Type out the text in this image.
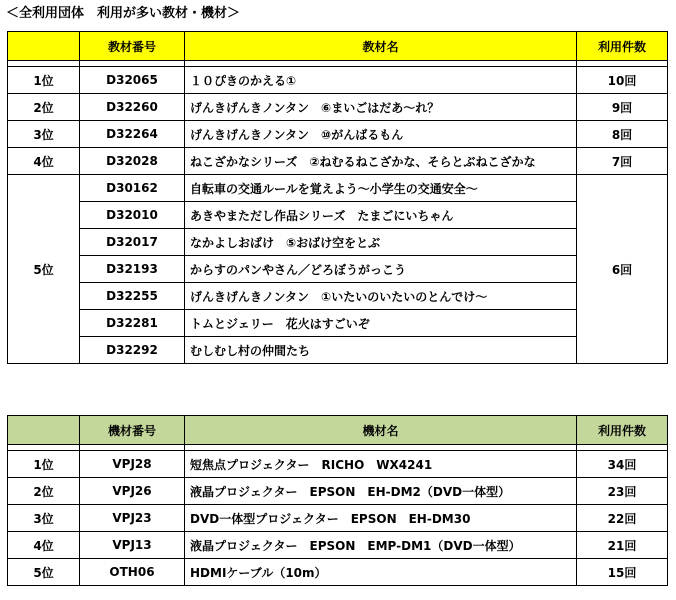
＜全利用団体　利用が多い教材・機材＞
	教材番号	教材名	利用件数

1位	D32065	１０ぴきのかえる①	10回
2位	D32260	げんきげんきノンタン　⑥まいごはだあ～れ？	9回
3位	D32264	げんきげんきノンタン　⑩がんばるもん	8回
4位	D32028	ねこざかなシリーズ　②ねむるねこざかな、そらとぶねこざかな	7回
5位	D30162	自転車の交通ルールを覚えよう～小学生の交通安全～	6回
	D32010	あきやまただし作品シリーズ　たまごにいちゃん	
	D32017	なかよしおばけ　⑤おばけ空をとぶ	
	D32193	からすのパンやさん／どろぼうがっこう	
	D32255	げんきげんきノンタン　①いたいのいたいのとんでけ～	
	D32281	トムとジェリー　花火はすごいぞ	
	D32292	むしむし村の仲間たち	
	機材番号	機材名	利用件数

1位	VPJ28	短焦点プロジェクター　RICHO　WX4241	34回
2位	VPJ26	液晶プロジェクター　EPSON　EH-DM2（DVD一体型）	23回
3位	VPJ23	DVD一体型プロジェクター　EPSON　EH-DM30	22回
4位	VPJ13	液晶プロジェクター　EPSON　EMP-DM1（DVD一体型）	21回
5位	OTH06	HDMIケーブル（10m）	15回
